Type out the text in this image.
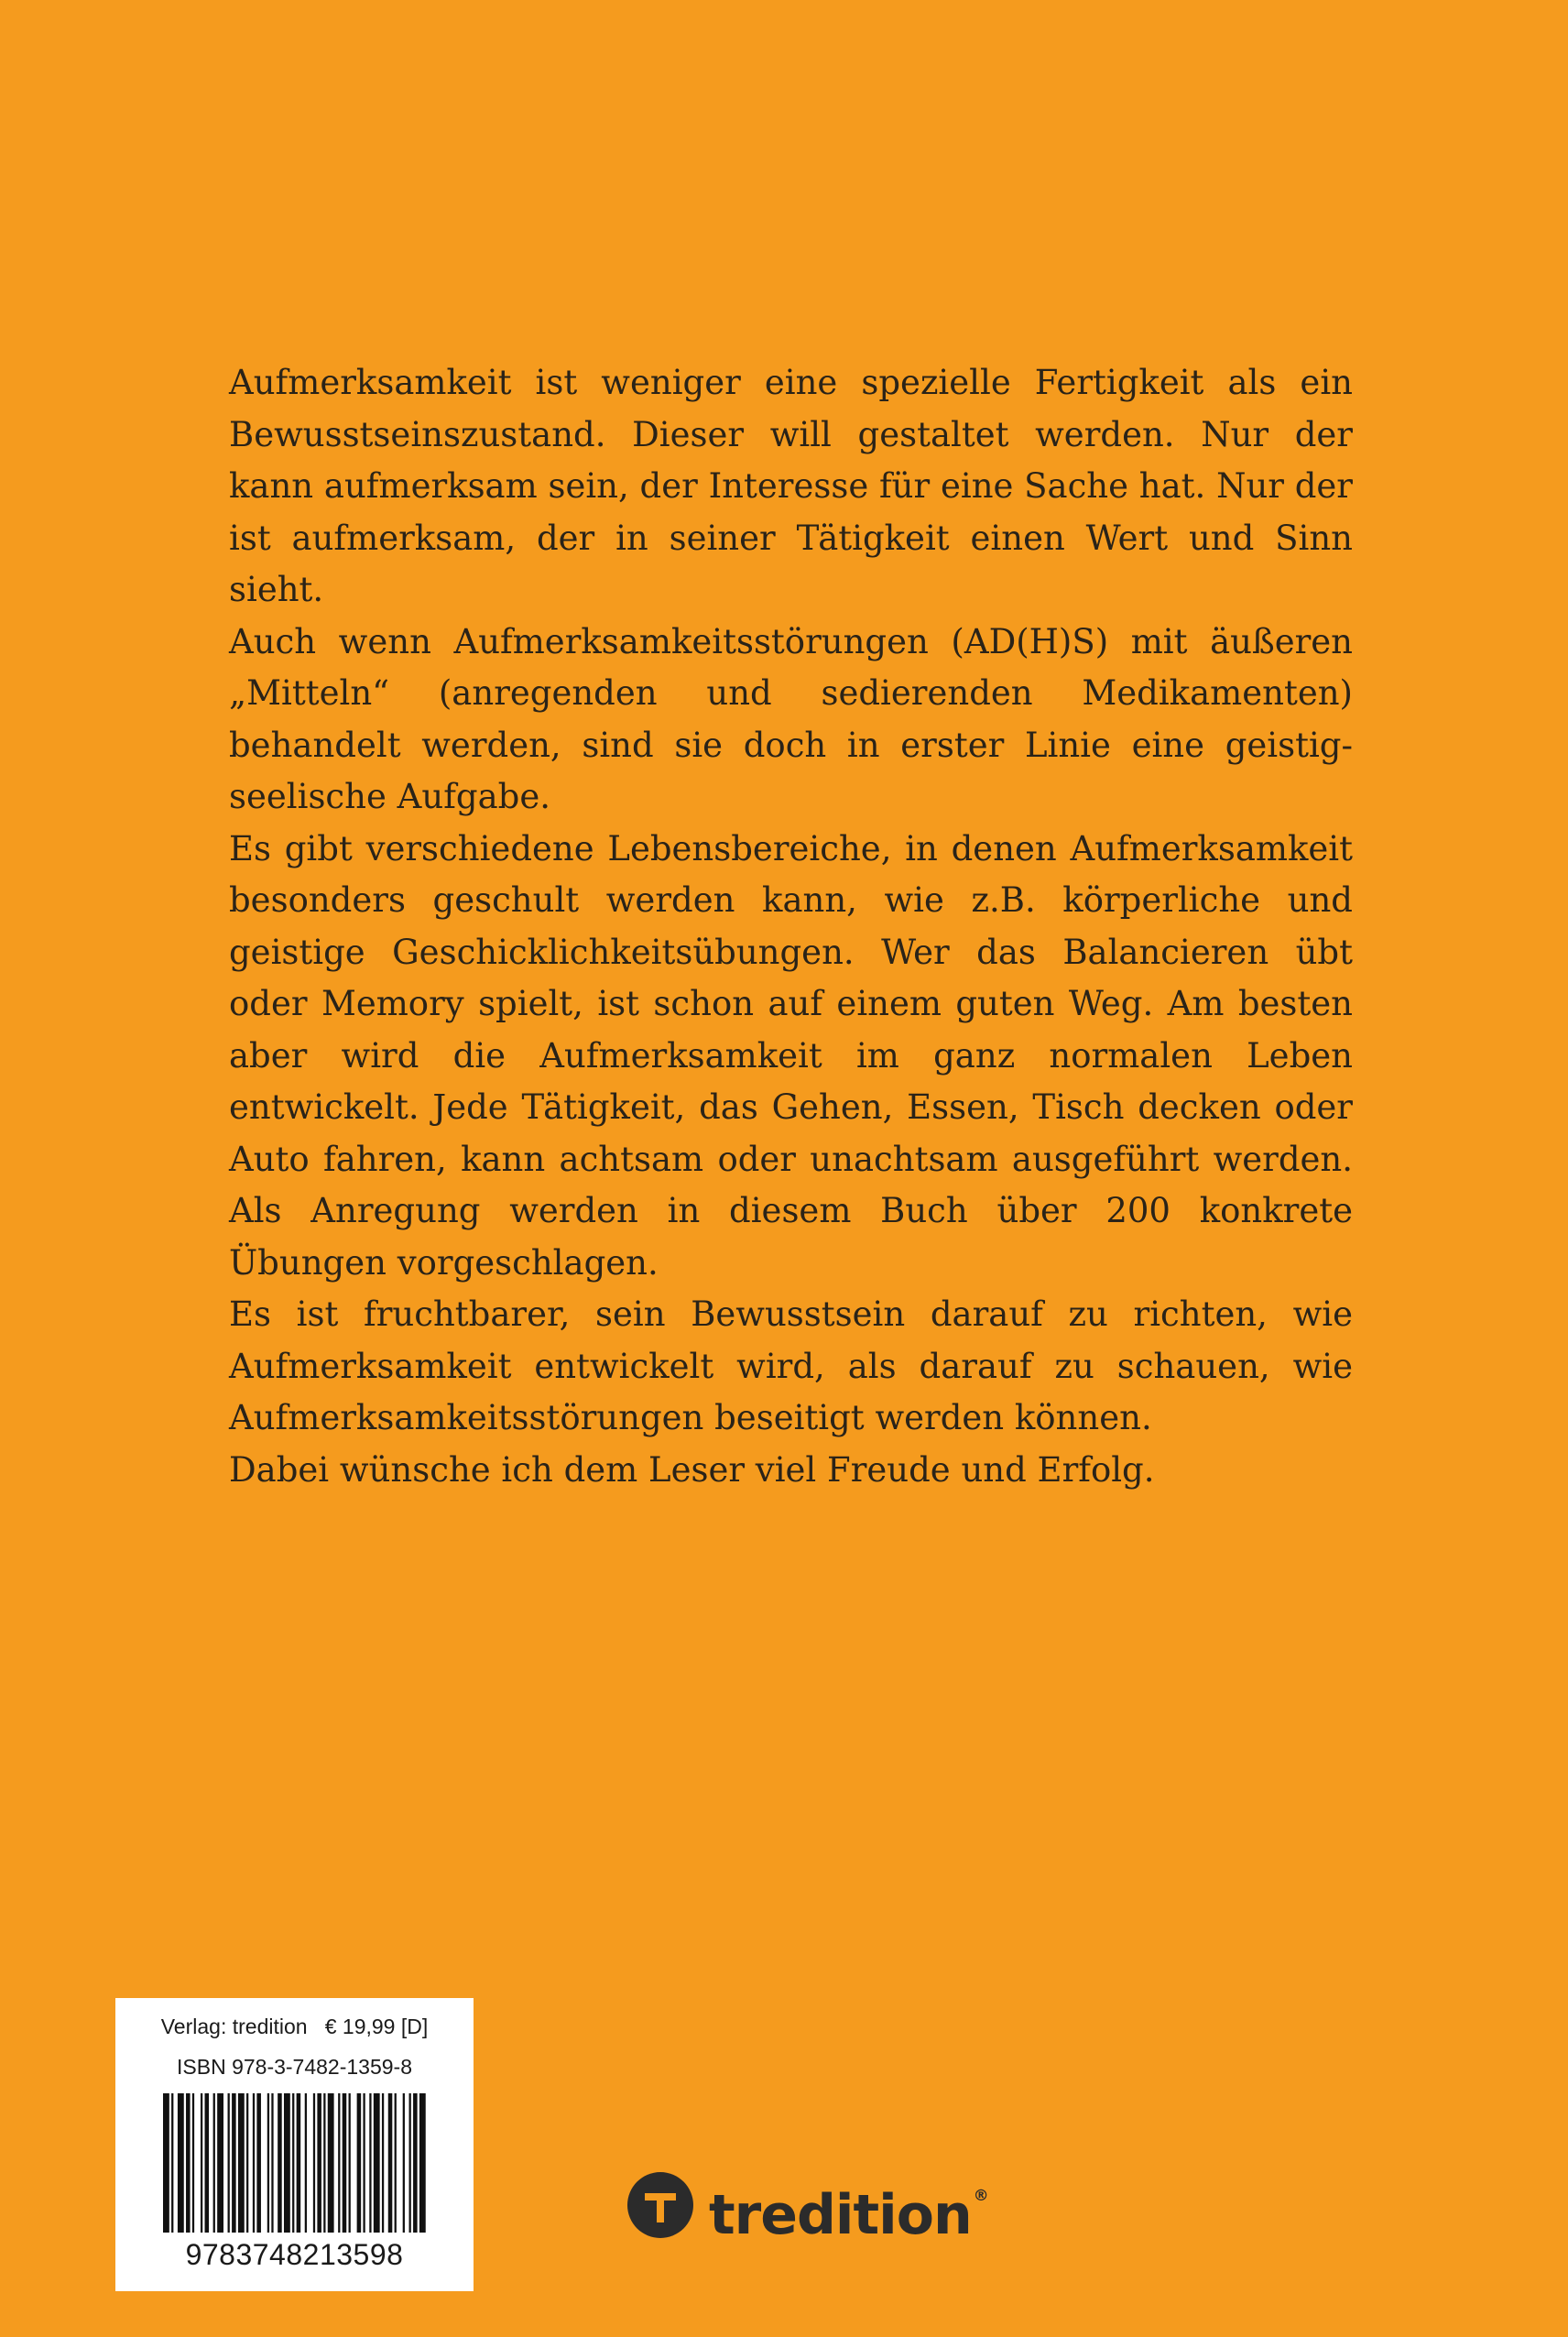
Aufmerksamkeit ist weniger eine spezielle Fertigkeit als ein Bewusstseinszustand. Dieser will gestaltet werden. Nur der kann aufmerksam sein, der Interesse für eine Sache hat. Nur der ist aufmerksam, der in seiner Tätigkeit einen Wert und Sinn sieht.

Auch wenn Aufmerksamkeitsstörungen (AD(H)S) mit äußeren „Mitteln“ (anregenden und sedierenden Medikamenten) behandelt werden, sind sie doch in erster Linie eine geistig-seelische Aufgabe.

Es gibt verschiedene Lebensbereiche, in denen Aufmerksamkeit besonders geschult werden kann, wie z.B. körperliche und geistige Geschicklichkeitsübungen. Wer das Balancieren übt oder Memory spielt, ist schon auf einem guten Weg. Am besten aber wird die Aufmerksamkeit im ganz normalen Leben entwickelt. Jede Tätigkeit, das Gehen, Essen, Tisch decken oder Auto fahren, kann achtsam oder unachtsam ausgeführt werden. Als Anregung werden in diesem Buch über 200 konkrete Übungen vorgeschlagen.

Es ist fruchtbarer, sein Bewusstsein darauf zu richten, wie Aufmerksamkeit entwickelt wird, als darauf zu schauen, wie Aufmerksamkeitsstörungen beseitigt werden können.

Dabei wünsche ich dem Leser viel Freude und Erfolg.

Verlag: tredition € 19,99 [D]
ISBN 978-3-7482-1359-8
9783748213598
tredition ®
